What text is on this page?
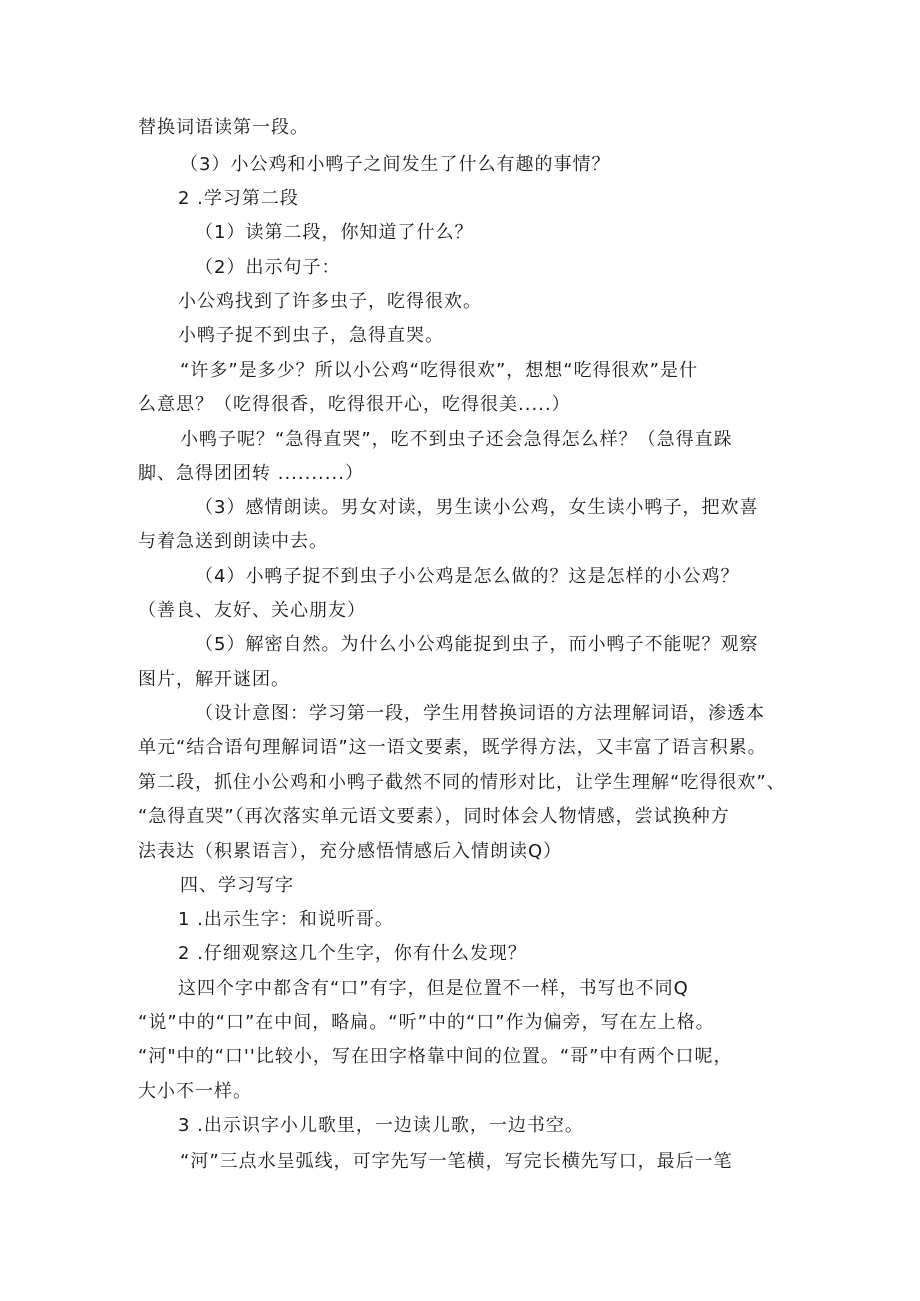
替换词语读第一段。
（3）小公鸡和小鸭子之间发生了什么有趣的事情？
2 .学习第二段
（1）读第二段，你知道了什么？
（2）出示句子：
小公鸡找到了许多虫子，吃得很欢。
小鸭子捉不到虫子，急得直哭。
“许多”是多少？所以小公鸡“吃得很欢”，想想“吃得很欢”是什
么意思？（吃得很香，吃得很开心，吃得很美.....）
小鸭子呢？“急得直哭”，吃不到虫子还会急得怎么样？（急得直跺
脚、急得团团转 ..........）
（3）感情朗读。男女对读，男生读小公鸡，女生读小鸭子，把欢喜
与着急送到朗读中去。
（4）小鸭子捉不到虫子小公鸡是怎么做的？这是怎样的小公鸡？
（善良、友好、关心朋友）
（5）解密自然。为什么小公鸡能捉到虫子，而小鸭子不能呢？观察
图片，解开谜团。
（设计意图：学习第一段，学生用替换词语的方法理解词语，渗透本
单元“结合语句理解词语”这一语文要素，既学得方法，又丰富了语言积累。
第二段，抓住小公鸡和小鸭子截然不同的情形对比，让学生理解“吃得很欢”、
“急得直哭”（再次落实单元语文要素），同时体会人物情感，尝试换种方
法表达（积累语言），充分感悟情感后入情朗读Q）
四、学习写字
1 .出示生字：和说听哥。
2 .仔细观察这几个生字，你有什么发现？
这四个字中都含有“口”有字，但是位置不一样，书写也不同Q
“说”中的“口”在中间，略扁。“听”中的“口”作为偏旁，写在左上格。
“河"中的“口''比较小，写在田字格靠中间的位置。“哥”中有两个口呢，
大小不一样。
3 .出示识字小儿歌里，一边读儿歌，一边书空。
“河”三点水呈弧线，可字先写一笔横，写完长横先写口，最后一笔
